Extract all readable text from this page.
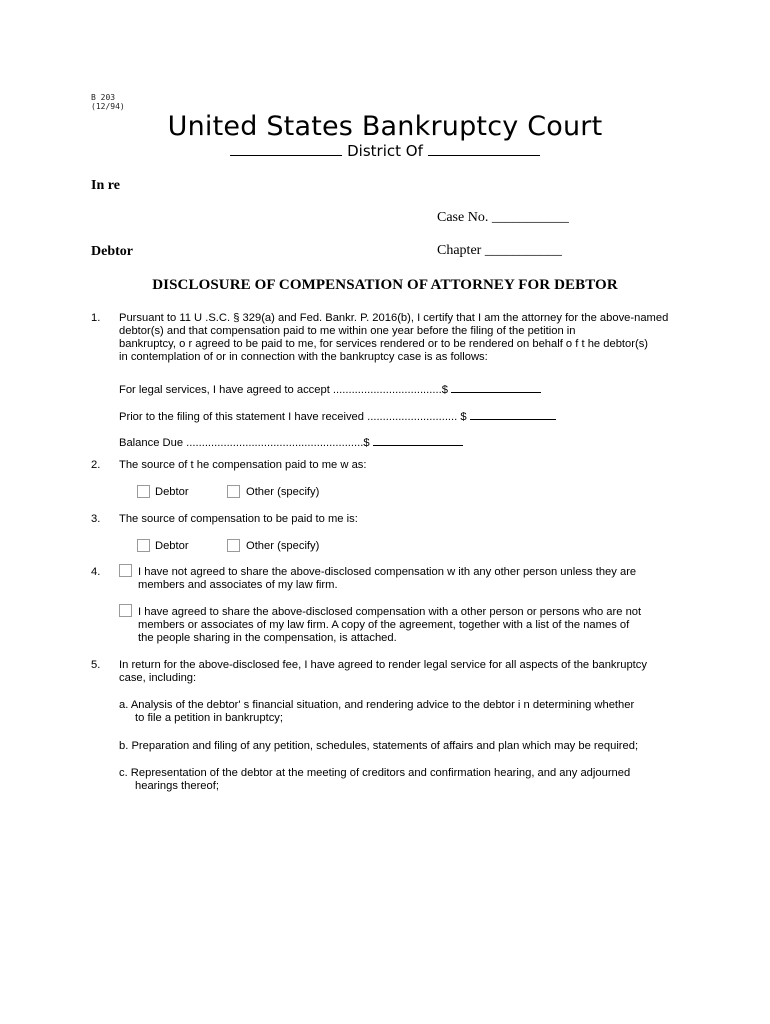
B 203
(12/94)
United States Bankruptcy Court
District Of
In re
Case No. ___________
Debtor	Chapter ___________
DISCLOSURE OF COMPENSATION OF ATTORNEY FOR DEBTOR
1. Pursuant to 11 U .S.C. § 329(a) and Fed. Bankr. P. 2016(b), I certify that I am the attorney for the above-named
debtor(s) and that compensation paid to me within one year before the filing of the petition in
bankruptcy, o r agreed to be paid to me, for services rendered or to be rendered on behalf o f t he debtor(s)
in contemplation of or in connection with the bankruptcy case is as follows:
For legal services, I have agreed to accept ...................................$
Prior to the filing of this statement I have received ............................. $
Balance Due .........................................................$
2. The source of t he compensation paid to me w as:
Debtor	Other (specify)
3. The source of compensation to be paid to me is:
Debtor	Other (specify)
4.	I have not agreed to share the above-disclosed compensation w ith any other person unless they are
members and associates of my law firm.
I have agreed to share the above-disclosed compensation with a other person or persons who are not
members or associates of my law firm. A copy of the agreement, together with a list of the names of
the people sharing in the compensation, is attached.
5. In return for the above-disclosed fee, I have agreed to render legal service for all aspects of the bankruptcy
case, including:
a. Analysis of the debtor' s financial situation, and rendering advice to the debtor i n determining whether
to file a petition in bankruptcy;
b. Preparation and filing of any petition, schedules, statements of affairs and plan which may be required;
c. Representation of the debtor at the meeting of creditors and confirmation hearing, and any adjourned
hearings thereof;
